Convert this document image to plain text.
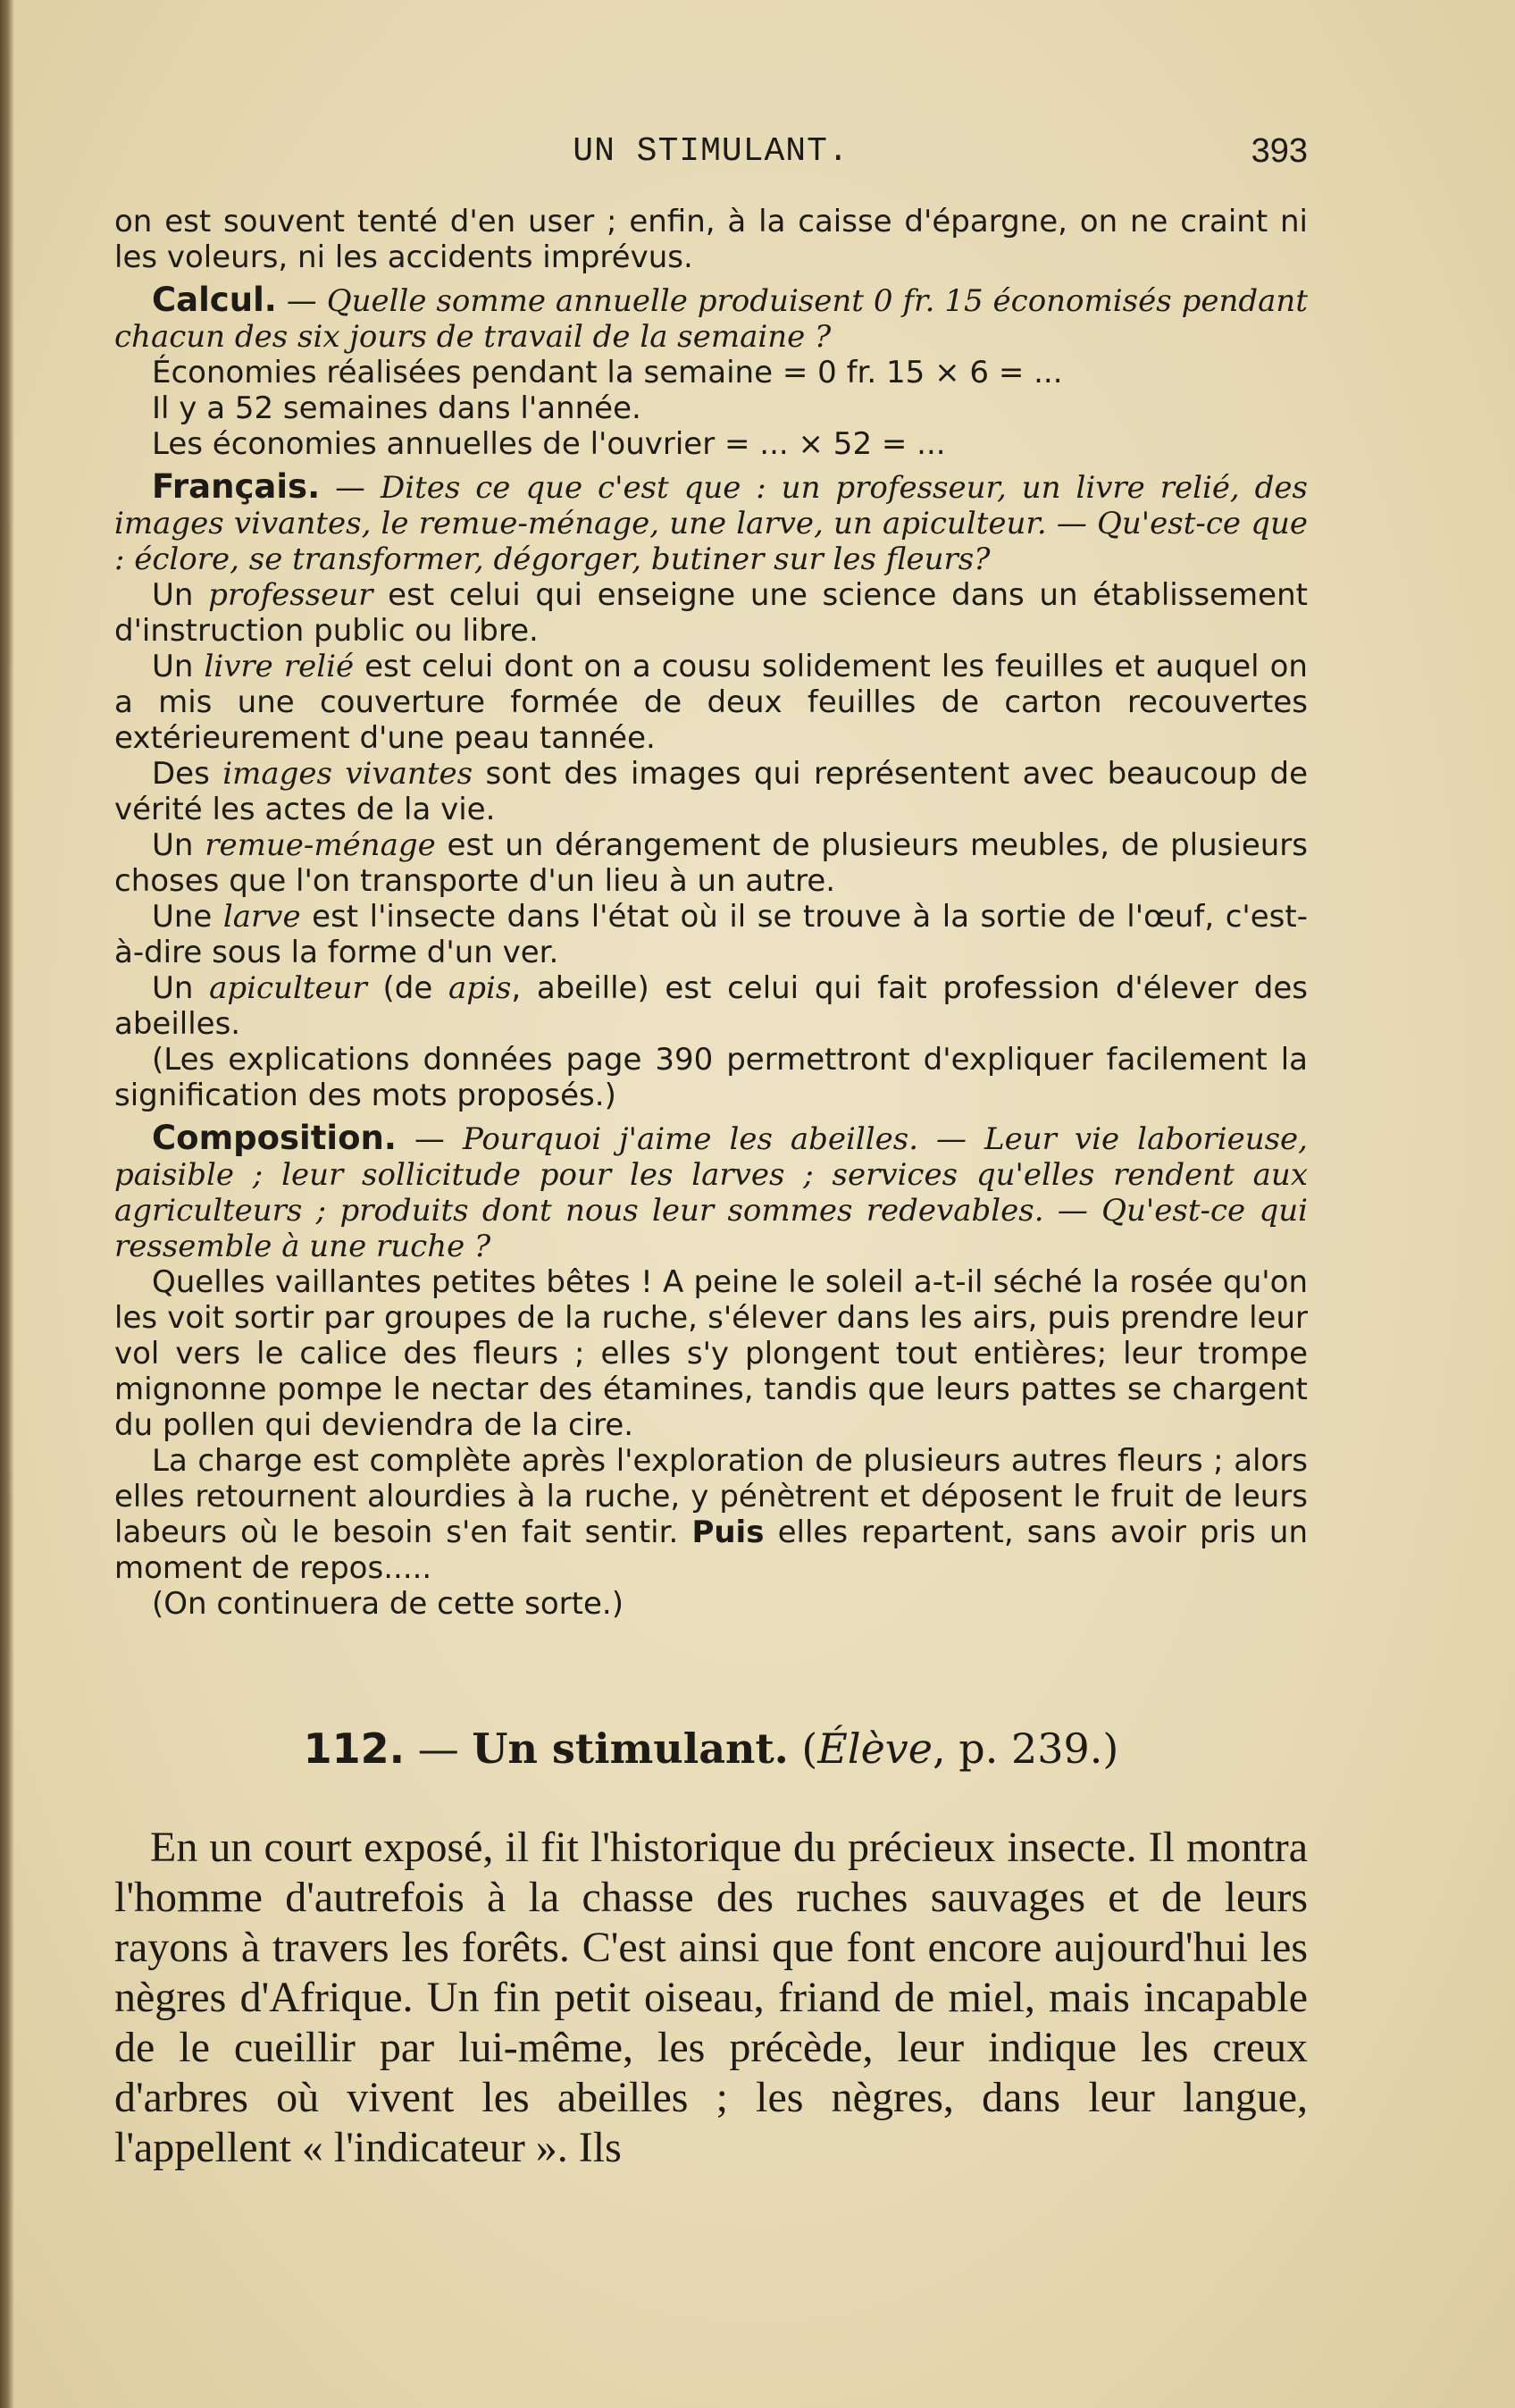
UN STIMULANT.	393

on est souvent tenté d'en user ; enfin, à la caisse d'épargne, on ne craint ni les voleurs, ni les accidents imprévus.

Calcul. — Quelle somme annuelle produisent 0 fr. 15 économisés pendant chacun des six jours de travail de la semaine ?

Économies réalisées pendant la semaine = 0 fr. 15 × 6 = ...

Il y a 52 semaines dans l'année.

Les économies annuelles de l'ouvrier = ... × 52 = ...

Français. — Dites ce que c'est que : un professeur, un livre relié, des images vivantes, le remue-ménage, une larve, un apiculteur. — Qu'est-ce que : éclore, se transformer, dégorger, butiner sur les fleurs?

Un professeur est celui qui enseigne une science dans un établissement d'instruction public ou libre.

Un livre relié est celui dont on a cousu solidement les feuilles et auquel on a mis une couverture formée de deux feuilles de carton recouvertes extérieurement d'une peau tannée.

Des images vivantes sont des images qui représentent avec beaucoup de vérité les actes de la vie.

Un remue-ménage est un dérangement de plusieurs meubles, de plusieurs choses que l'on transporte d'un lieu à un autre.

Une larve est l'insecte dans l'état où il se trouve à la sortie de l'œuf, c'est-à-dire sous la forme d'un ver.

Un apiculteur (de apis, abeille) est celui qui fait profession d'élever des abeilles.

(Les explications données page 390 permettront d'expliquer facilement la signification des mots proposés.)

Composition. — Pourquoi j'aime les abeilles. — Leur vie laborieuse, paisible ; leur sollicitude pour les larves ; services qu'elles rendent aux agriculteurs ; produits dont nous leur sommes redevables. — Qu'est-ce qui ressemble à une ruche ?

Quelles vaillantes petites bêtes ! A peine le soleil a-t-il séché la rosée qu'on les voit sortir par groupes de la ruche, s'élever dans les airs, puis prendre leur vol vers le calice des fleurs ; elles s'y plongent tout entières; leur trompe mignonne pompe le nectar des étamines, tandis que leurs pattes se chargent du pollen qui deviendra de la cire.

La charge est complète après l'exploration de plusieurs autres fleurs ; alors elles retournent alourdies à la ruche, y pénètrent et déposent le fruit de leurs labeurs où le besoin s'en fait sentir. Puis elles repartent, sans avoir pris un moment de repos.....

(On continuera de cette sorte.)

112. — Un stimulant. (Élève, p. 239.)

En un court exposé, il fit l'historique du précieux insecte. Il montra l'homme d'autrefois à la chasse des ruches sauvages et de leurs rayons à travers les forêts. C'est ainsi que font encore aujourd'hui les nègres d'Afrique. Un fin petit oiseau, friand de miel, mais incapable de le cueillir par lui-même, les précède, leur indique les creux d'arbres où vivent les abeilles ; les nègres, dans leur langue, l'appellent « l'indicateur ». Ils
